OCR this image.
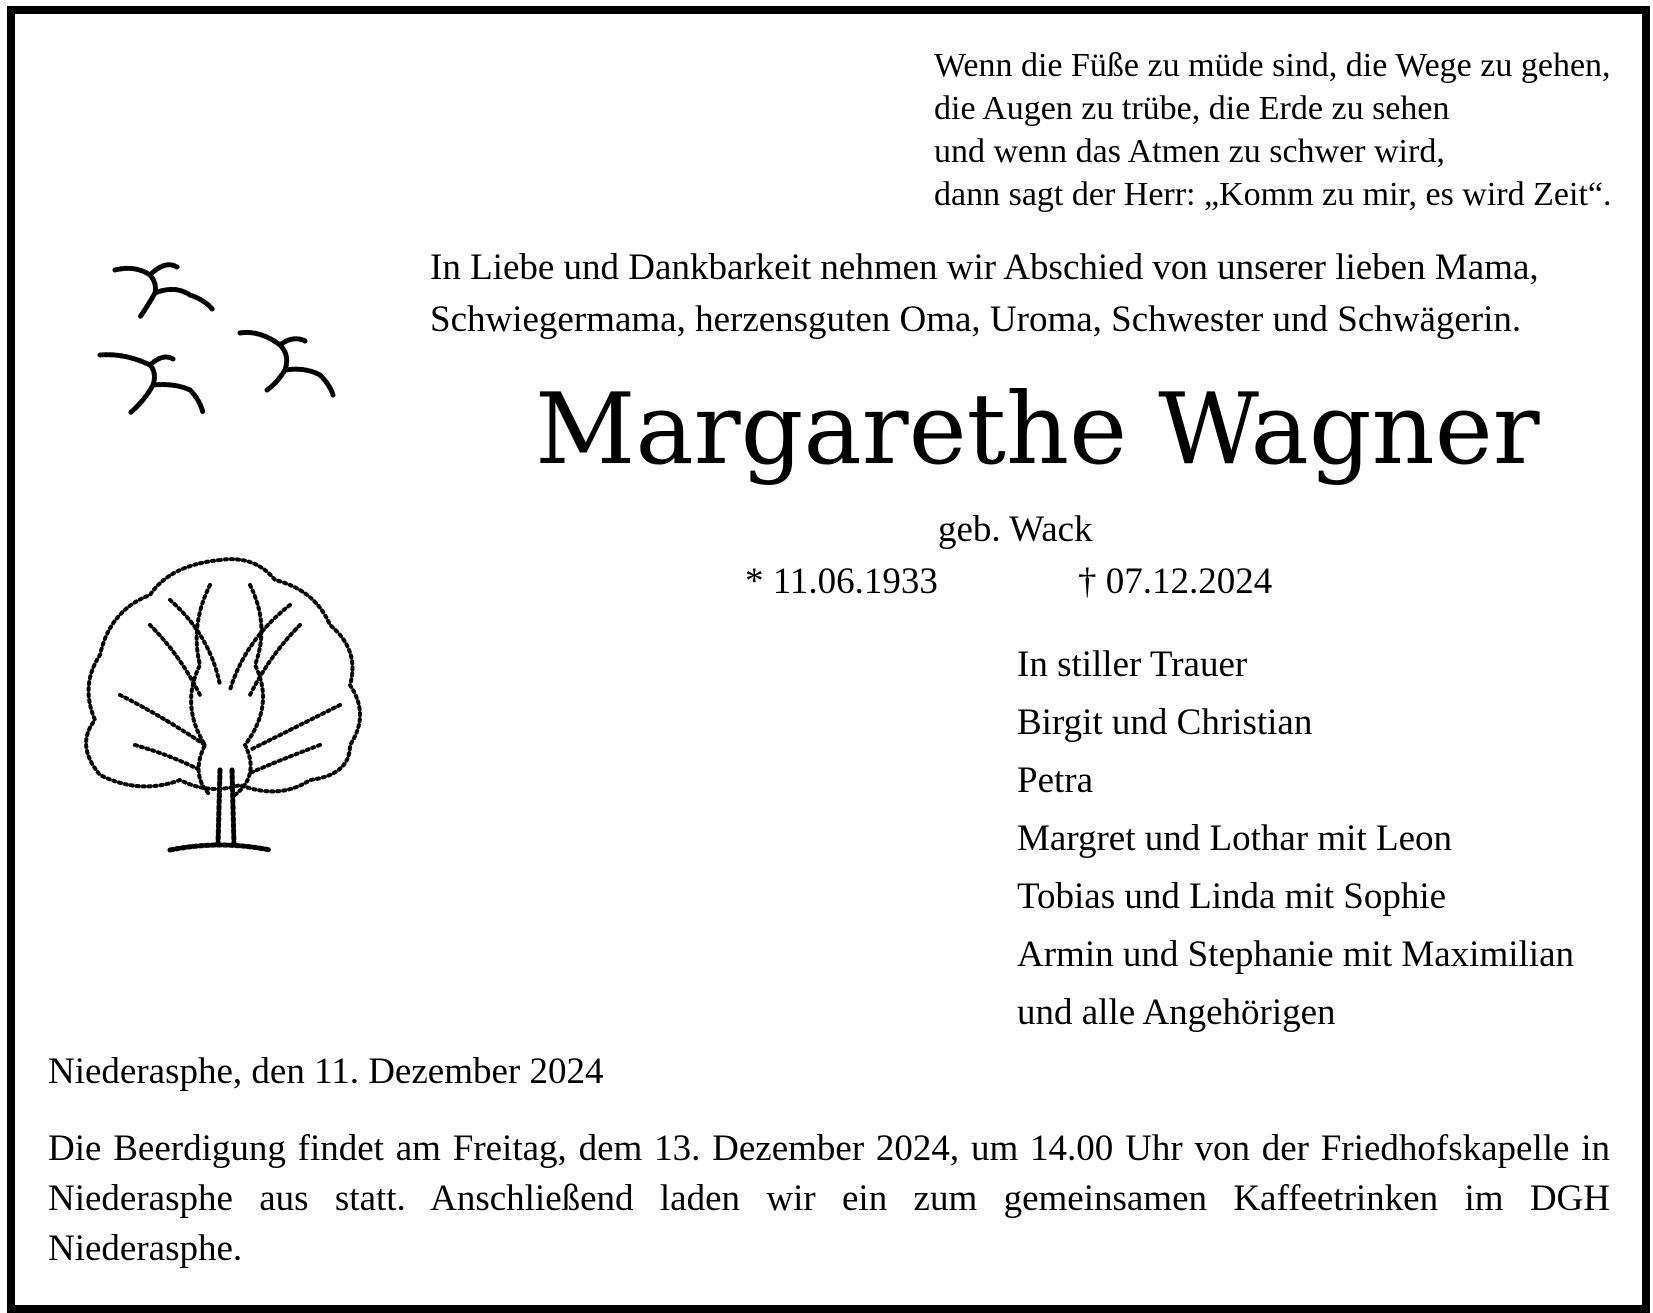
Wenn die Füße zu müde sind, die Wege zu gehen,
die Augen zu trübe, die Erde zu sehen
und wenn das Atmen zu schwer wird,
dann sagt der Herr: „Komm zu mir, es wird Zeit“.
In Liebe und Dankbarkeit nehmen wir Abschied von unserer lieben Mama,
Schwiegermama, herzensguten Oma, Uroma, Schwester und Schwägerin.
Margarethe Wagner
geb. Wack
* 11.06.1933	† 07.12.2024
In stiller Trauer
Birgit und Christian
Petra
Margret und Lothar mit Leon
Tobias und Linda mit Sophie
Armin und Stephanie mit Maximilian
und alle Angehörigen
Niederasphe, den 11. Dezember 2024
Die Beerdigung findet am Freitag, dem 13. Dezember 2024, um 14.00 Uhr von der Friedhofskapelle in Niederasphe aus statt. Anschließend laden wir ein zum gemeinsamen Kaffeetrinken im DGH Niederasphe.
